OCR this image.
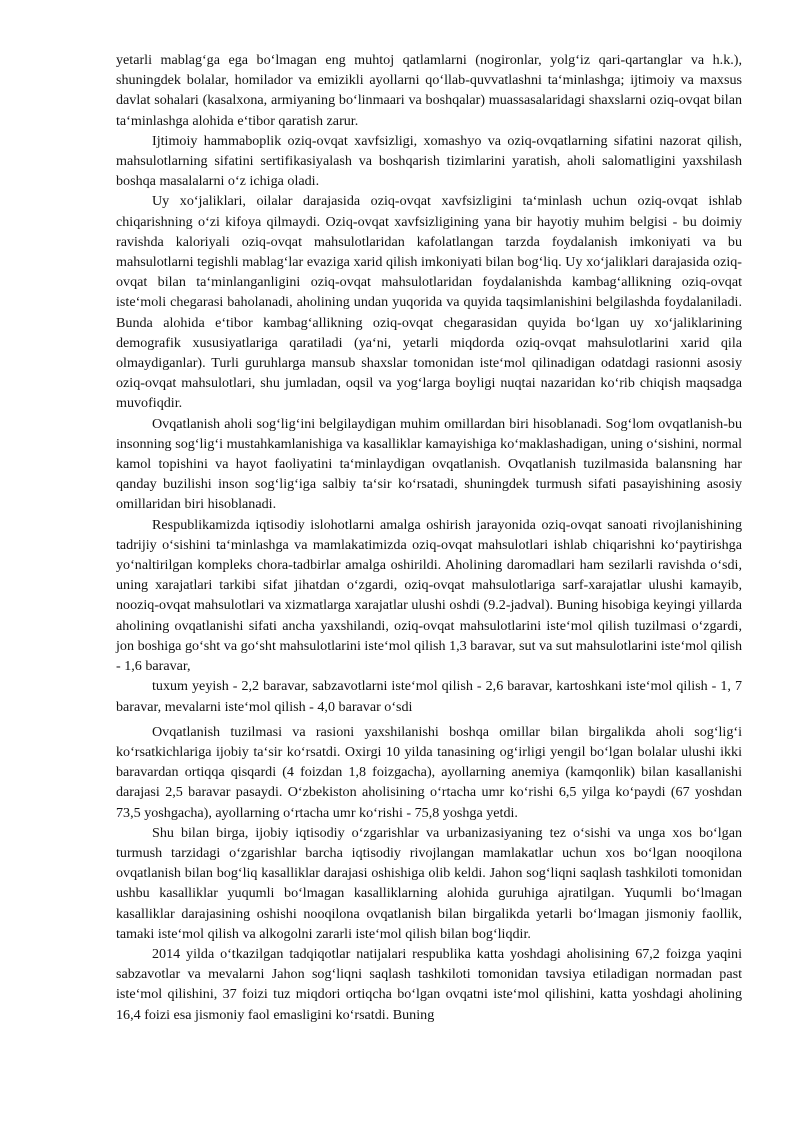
yetarli mablagʻga ega boʻlmagan eng muhtoj qatlamlarni (nogironlar, yolgʻiz qari-qartanglar va h.k.), shuningdek bolalar, homilador va emizikli ayollarni qoʻllab-quvvatlashni taʻminlashga; ijtimoiy va maxsus davlat sohalari (kasalxona, armiyaning boʻlinmaari va boshqalar) muassasalaridagi shaxslarni oziq-ovqat bilan taʻminlashga alohida eʻtibor qaratish zarur.

Ijtimoiy hammaboplik oziq-ovqat xavfsizligi, xomashyo va oziq-ovqatlarning sifatini nazorat qilish, mahsulotlarning sifatini sertifikasiyalash va boshqarish tizimlarini yaratish, aholi salomatligini yaxshilash boshqa masalalarni oʻz ichiga oladi.

Uy xoʻjaliklari, oilalar darajasida oziq-ovqat xavfsizligini taʻminlash uchun oziq-ovqat ishlab chiqarishning oʻzi kifoya qilmaydi. Oziq-ovqat xavfsizligining yana bir hayotiy muhim belgisi - bu doimiy ravishda kaloriyali oziq-ovqat mahsulotlaridan kafolatlangan tarzda foydalanish imkoniyati va bu mahsulotlarni tegishli mablagʻlar evaziga xarid qilish imkoniyati bilan bogʻliq. Uy xoʻjaliklari darajasida oziq-ovqat bilan taʻminlanganligini oziq-ovqat mahsulotlaridan foydalanishda kambagʻallikning oziq-ovqat isteʻmoli chegarasi baholanadi, aholining undan yuqorida va quyida taqsimlanishini belgilashda foydalaniladi. Bunda alohida eʻtibor kambagʻallikning oziq-ovqat chegarasidan quyida boʻlgan uy xoʻjaliklarining demografik xususiyatlariga qaratiladi (yaʻni, yetarli miqdorda oziq-ovqat mahsulotlarini xarid qila olmaydiganlar). Turli guruhlarga mansub shaxslar tomonidan isteʻmol qilinadigan odatdagi rasionni asosiy oziq-ovqat mahsulotlari, shu jumladan, oqsil va yogʻlarga boyligi nuqtai nazaridan koʻrib chiqish maqsadga muvofiqdir.

Ovqatlanish aholi sogʻligʻini belgilaydigan muhim omillardan biri hisoblanadi. Sogʻlom ovqatlanish-bu insonning sogʻligʻi mustahkamlanishiga va kasalliklar kamayishiga koʻmaklashadigan, uning oʻsishini, normal kamol topishini va hayot faoliyatini taʻminlaydigan ovqatlanish. Ovqatlanish tuzilmasida balansning har qanday buzilishi inson sogʻligʻiga salbiy taʻsir koʻrsatadi, shuningdek turmush sifati pasayishining asosiy omillaridan biri hisoblanadi.

Respublikamizda iqtisodiy islohotlarni amalga oshirish jarayonida oziq-ovqat sanoati rivojlanishining tadrijiy oʻsishini taʻminlashga va mamlakatimizda oziq-ovqat mahsulotlari ishlab chiqarishni koʻpaytirishga yoʻnaltirilgan kompleks chora-tadbirlar amalga oshirildi. Aholining daromadlari ham sezilarli ravishda oʻsdi, uning xarajatlari tarkibi sifat jihatdan oʻzgardi, oziq-ovqat mahsulotlariga sarf-xarajatlar ulushi kamayib, nooziq-ovqat mahsulotlari va xizmatlarga xarajatlar ulushi oshdi (9.2-jadval). Buning hisobiga keyingi yillarda aholining ovqatlanishi sifati ancha yaxshilandi, oziq-ovqat mahsulotlarini isteʻmol qilish tuzilmasi oʻzgardi, jon boshiga goʻsht va goʻsht mahsulotlarini isteʻmol qilish 1,3 baravar, sut va sut mahsulotlarini isteʻmol qilish - 1,6 baravar,

tuxum yeyish - 2,2 baravar, sabzavotlarni isteʻmol qilish - 2,6 baravar, kartoshkani isteʻmol qilish - 1, 7 baravar, mevalarni isteʻmol qilish - 4,0 baravar oʻsdi

Ovqatlanish tuzilmasi va rasioni yaxshilanishi boshqa omillar bilan birgalikda aholi sogʻligʻi koʻrsatkichlariga ijobiy taʻsir koʻrsatdi. Oxirgi 10 yilda tanasining ogʻirligi yengil boʻlgan bolalar ulushi ikki baravardan ortiqqa qisqardi (4 foizdan 1,8 foizgacha), ayollarning anemiya (kamqonlik) bilan kasallanishi darajasi 2,5 baravar pasaydi. Oʻzbekiston aholisining oʻrtacha umr koʻrishi 6,5 yilga koʻpaydi (67 yoshdan 73,5 yoshgacha), ayollarning oʻrtacha umr koʻrishi - 75,8 yoshga yetdi.

Shu bilan birga, ijobiy iqtisodiy oʻzgarishlar va urbanizasiyaning tez oʻsishi va unga xos boʻlgan turmush tarzidagi oʻzgarishlar barcha iqtisodiy rivojlangan mamlakatlar uchun xos boʻlgan nooqilona ovqatlanish bilan bogʻliq kasalliklar darajasi oshishiga olib keldi. Jahon sogʻliqni saqlash tashkiloti tomonidan ushbu kasalliklar yuqumli boʻlmagan kasalliklarning alohida guruhiga ajratilgan. Yuqumli boʻlmagan kasalliklar darajasining oshishi nooqilona ovqatlanish bilan birgalikda yetarli boʻlmagan jismoniy faollik, tamaki isteʻmol qilish va alkogolni zararli isteʻmol qilish bilan bogʻliqdir.

2014 yilda oʻtkazilgan tadqiqotlar natijalari respublika katta yoshdagi aholisining 67,2 foizga yaqini sabzavotlar va mevalarni Jahon sogʻliqni saqlash tashkiloti tomonidan tavsiya etiladigan normadan past isteʻmol qilishini, 37 foizi tuz miqdori ortiqcha boʻlgan ovqatni isteʻmol qilishini, katta yoshdagi aholining 16,4 foizi esa jismoniy faol emasligini koʻrsatdi. Buning
